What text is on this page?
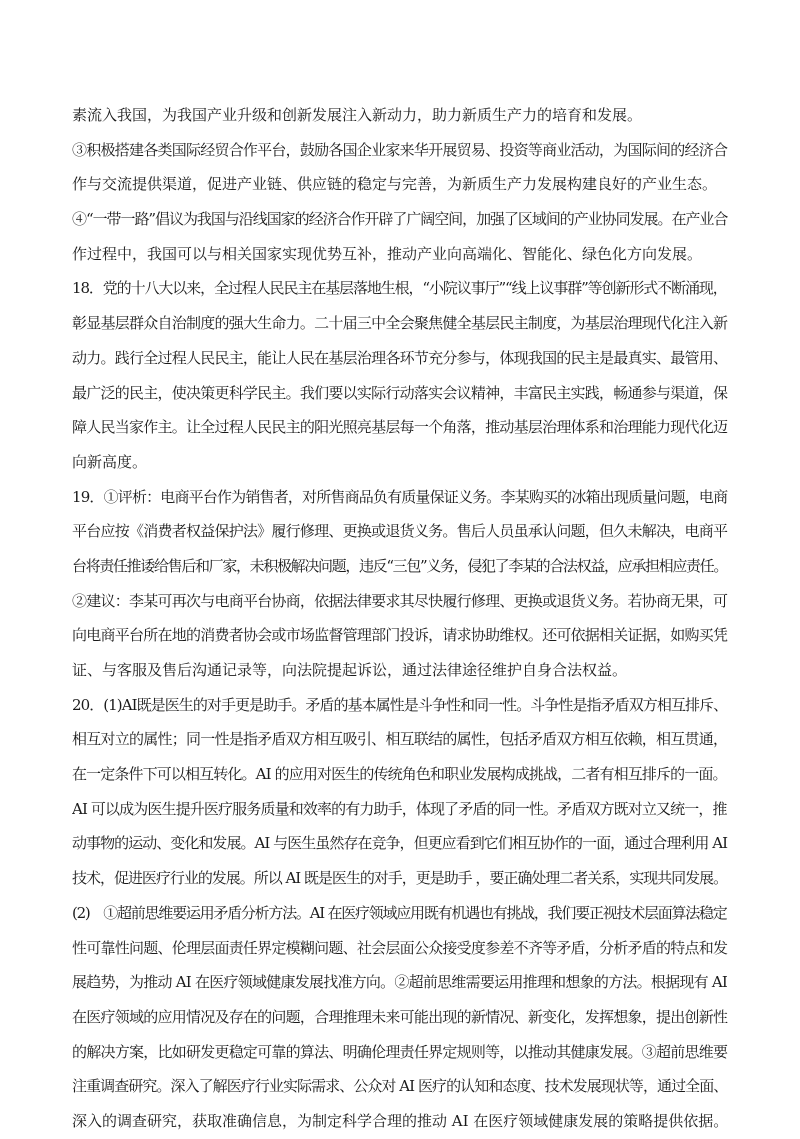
素流入我国，为我国产业升级和创新发展注入新动力，助力新质生产力的培育和发展。
③积极搭建各类国际经贸合作平台，鼓励各国企业家来华开展贸易、投资等商业活动，为国际间的经济合
作与交流提供渠道，促进产业链、供应链的稳定与完善，为新质生产力发展构建良好的产业生态。
④“一带一路”倡议为我国与沿线国家的经济合作开辟了广阔空间，加强了区域间的产业协同发展。在产业合
作过程中，我国可以与相关国家实现优势互补，推动产业向高端化、智能化、绿色化方向发展。
18．党的十八大以来，全过程人民民主在基层落地生根，“小院议事厅”“线上议事群”等创新形式不断涌现，
彰显基层群众自治制度的强大生命力。二十届三中全会聚焦健全基层民主制度，为基层治理现代化注入新
动力。践行全过程人民民主，能让人民在基层治理各环节充分参与，体现我国的民主是最真实、最管用、
最广泛的民主，使决策更科学民主。我们要以实际行动落实会议精神，丰富民主实践，畅通参与渠道，保
障人民当家作主。让全过程人民民主的阳光照亮基层每一个角落，推动基层治理体系和治理能力现代化迈
向新高度。
19．①评析：电商平台作为销售者，对所售商品负有质量保证义务。李某购买的冰箱出现质量问题，电商
平台应按《消费者权益保护法》履行修理、更换或退货义务。售后人员虽承认问题，但久未解决，电商平
台将责任推诿给售后和厂家，未积极解决问题，违反“三包”义务，侵犯了李某的合法权益，应承担相应责任。
②建议：李某可再次与电商平台协商，依据法律要求其尽快履行修理、更换或退货义务。若协商无果，可
向电商平台所在地的消费者协会或市场监督管理部门投诉，请求协助维权。还可依据相关证据，如购买凭
证、与客服及售后沟通记录等，向法院提起诉讼，通过法律途径维护自身合法权益。
20．(1)AI既是医生的对手更是助手。矛盾的基本属性是斗争性和同一性。斗争性是指矛盾双方相互排斥、
相互对立的属性；同一性是指矛盾双方相互吸引、相互联结的属性，包括矛盾双方相互依赖，相互贯通，
在一定条件下可以相互转化。AI 的应用对医生的传统角色和职业发展构成挑战，二者有相互排斥的一面。
AI 可以成为医生提升医疗服务质量和效率的有力助手，体现了矛盾的同一性。矛盾双方既对立又统一，推
动事物的运动、变化和发展。AI 与医生虽然存在竞争，但更应看到它们相互协作的一面，通过合理利用 AI
技术，促进医疗行业的发展。所以 AI 既是医生的对手，更是助手 ，要正确处理二者关系，实现共同发展。
(2)　①超前思维要运用矛盾分析方法。AI 在医疗领域应用既有机遇也有挑战，我们要正视技术层面算法稳定
性可靠性问题、伦理层面责任界定模糊问题、社会层面公众接受度参差不齐等矛盾，分析矛盾的特点和发
展趋势，为推动 AI 在医疗领域健康发展找准方向。②超前思维需要运用推理和想象的方法。根据现有 AI
在医疗领域的应用情况及存在的问题，合理推理未来可能出现的新情况、新变化，发挥想象，提出创新性
的解决方案，比如研发更稳定可靠的算法、明确伦理责任界定规则等，以推动其健康发展。③超前思维要
注重调查研究。深入了解医疗行业实际需求、公众对 AI 医疗的认知和态度、技术发展现状等，通过全面、
深入的调查研究，获取准确信息，为制定科学合理的推动 AI 在医疗领域健康发展的策略提供依据。
